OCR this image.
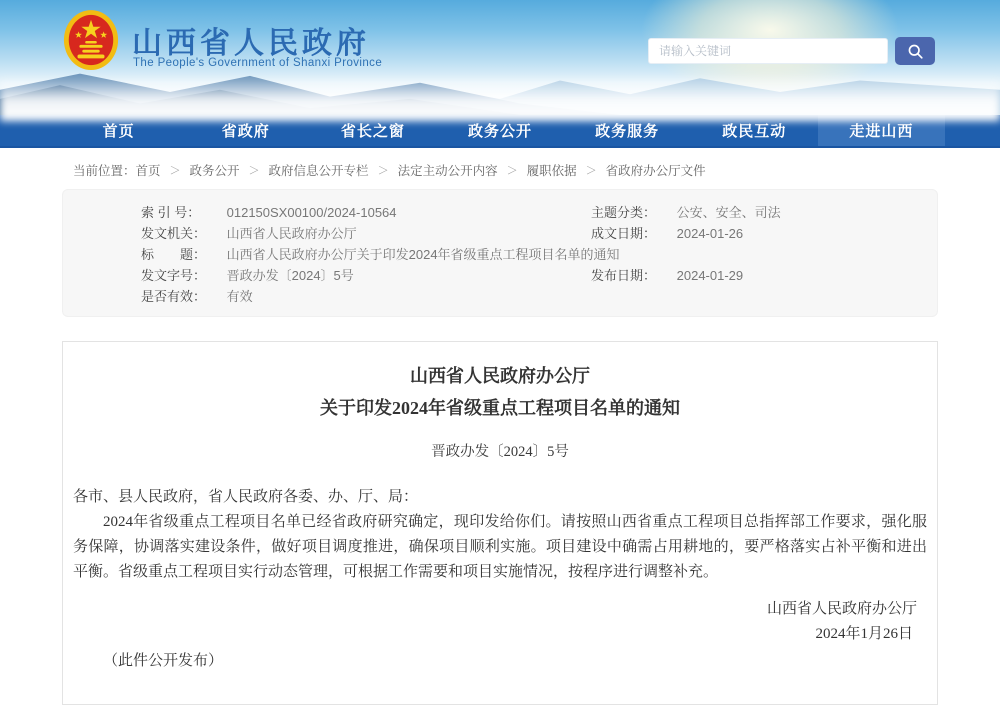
山西省人民政府
The People's Government of Shanxi Province
请输入关键词
首页	省政府	省长之窗	政务公开	政务服务	政民互动	走进山西
当前位置： 首页 ＞ 政务公开 ＞ 政府信息公开专栏 ＞ 法定主动公开内容 ＞ 履职依据 ＞ 省政府办公厅文件
索 引 号： 012150SX00100/2024-10564
发文机关： 山西省人民政府办公厅
标　　题： 山西省人民政府办公厅关于印发2024年省级重点工程项目名单的通知
发文字号： 晋政办发〔2024〕5号
是否有效： 有效
主题分类： 公安、安全、司法
成文日期： 2024-01-26
发布日期： 2024-01-29
山西省人民政府办公厅
关于印发2024年省级重点工程项目名单的通知
晋政办发〔2024〕5号
各市、县人民政府，省人民政府各委、办、厅、局：
2024年省级重点工程项目名单已经省政府研究确定，现印发给你们。请按照山西省重点工程项目总指挥部工作要求，强化服务保障，协调落实建设条件，做好项目调度推进，确保项目顺利实施。项目建设中确需占用耕地的，要严格落实占补平衡和进出平衡。省级重点工程项目实行动态管理，可根据工作需要和项目实施情况，按程序进行调整补充。
山西省人民政府办公厅
2024年1月26日
（此件公开发布）
